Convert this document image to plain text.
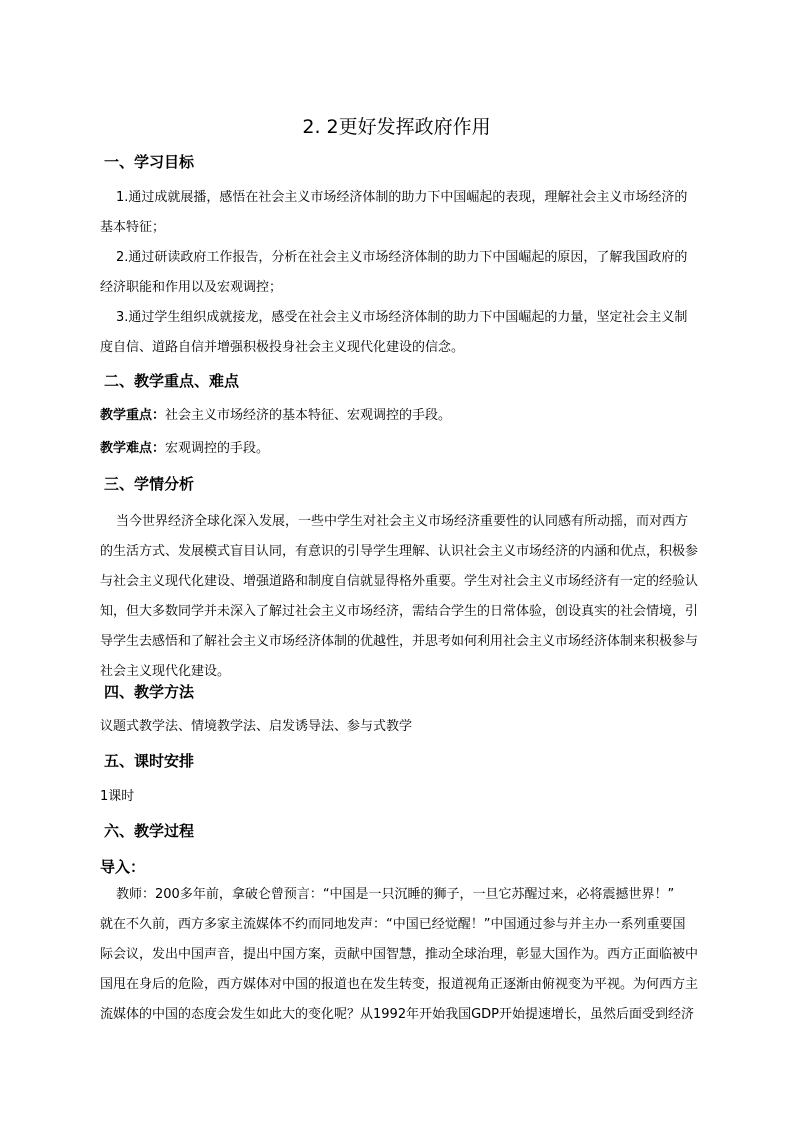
2. 2更好发挥政府作用
一、学习目标
1.通过成就展播，感悟在社会主义市场经济体制的助力下中国崛起的表现，理解社会主义市场经济的
基本特征；
2.通过研读政府工作报告，分析在社会主义市场经济体制的助力下中国崛起的原因，了解我国政府的
经济职能和作用以及宏观调控；
3.通过学生组织成就接龙，感受在社会主义市场经济体制的助力下中国崛起的力量，坚定社会主义制
度自信、道路自信并增强积极投身社会主义现代化建设的信念。
二、教学重点、难点
教学重点：社会主义市场经济的基本特征、宏观调控的手段。
教学难点：宏观调控的手段。
三、学情分析
当今世界经济全球化深入发展，一些中学生对社会主义市场经济重要性的认同感有所动摇，而对西方
的生活方式、发展模式盲目认同，有意识的引导学生理解、认识社会主义市场经济的内涵和优点，积极参
与社会主义现代化建设、增强道路和制度自信就显得格外重要。学生对社会主义市场经济有一定的经验认
知，但大多数同学并未深入了解过社会主义市场经济，需结合学生的日常体验，创设真实的社会情境，引
导学生去感悟和了解社会主义市场经济体制的优越性，并思考如何利用社会主义市场经济体制来积极参与
社会主义现代化建设。
四、教学方法
议题式教学法、情境教学法、启发诱导法、参与式教学
五、课时安排
1课时
六、教学过程
导入：
教师：200多年前，拿破仑曾预言：“中国是一只沉睡的狮子，一旦它苏醒过来，必将震撼世界！”
就在不久前，西方多家主流媒体不约而同地发声：“中国已经觉醒！”中国通过参与并主办一系列重要国
际会议，发出中国声音，提出中国方案，贡献中国智慧，推动全球治理，彰显大国作为。西方正面临被中
国甩在身后的危险，西方媒体对中国的报道也在发生转变，报道视角正逐渐由俯视变为平视。为何西方主
流媒体的中国的态度会发生如此大的变化呢？从1992年开始我国GDP开始提速增长，虽然后面受到经济
